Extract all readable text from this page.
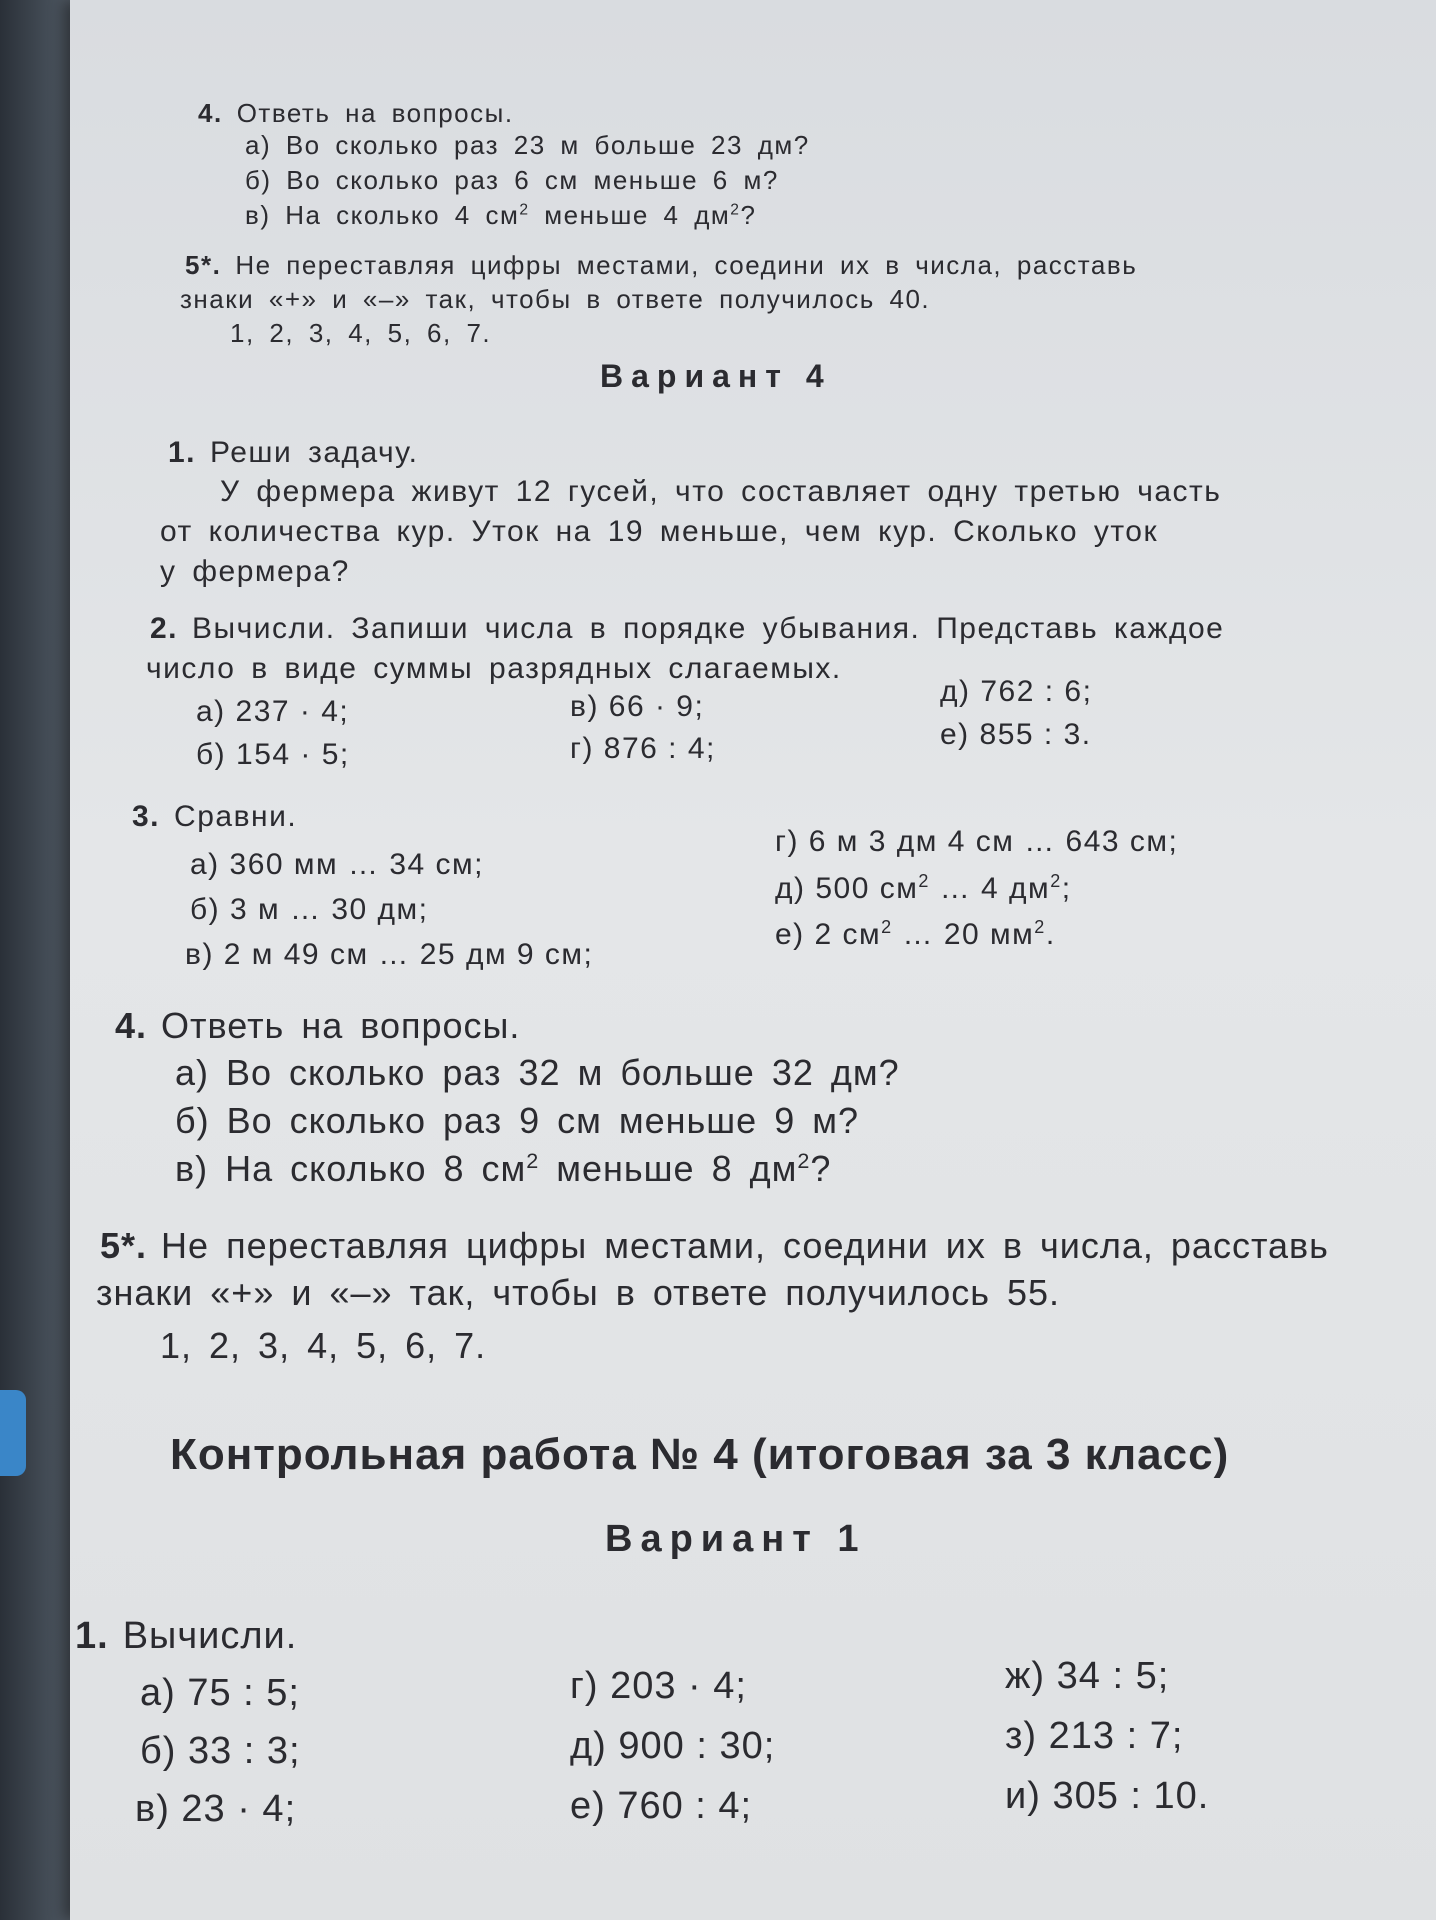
4. Ответь на вопросы.
а) Во сколько раз 23 м больше 23 дм?
б) Во сколько раз 6 см меньше 6 м?
в) На сколько 4 $см^2$ меньше 4 $дм^2$?
5*. Не переставляя цифры местами, соедини их в числа, расставь
знаки «+» и «–» так, чтобы в ответе получилось 40.
1, 2, 3, 4, 5, 6, 7.
Вариант 4
1. Реши задачу.
У фермера живут 12 гусей, что составляет одну третью часть
от количества кур. Уток на 19 меньше, чем кур. Сколько уток
у фермера?
2. Вычисли. Запиши числа в порядке убывания. Представь каждое
число в виде суммы разрядных слагаемых.
а) 237 · 4;
б) 154 · 5;
в) 66 · 9;
г) 876 : 4;
д) 762 : 6;
е) 855 : 3.
3. Сравни.
а) 360 мм … 34 см;
б) 3 м … 30 дм;
в) 2 м 49 см … 25 дм 9 см;
г) 6 м 3 дм 4 см … 643 см;
д) 500 $см^2$ … 4 $дм^2$;
е) 2 $см^2$ … 20 $мм^2$.
4. Ответь на вопросы.
а) Во сколько раз 32 м больше 32 дм?
б) Во сколько раз 9 см меньше 9 м?
в) На сколько 8 $см^2$ меньше 8 $дм^2$?
5*. Не переставляя цифры местами, соедини их в числа, расставь
знаки «+» и «–» так, чтобы в ответе получилось 55.
1, 2, 3, 4, 5, 6, 7.
Контрольная работа № 4 (итоговая за 3 класс)
Вариант 1
1. Вычисли.
а) 75 : 5;
б) 33 : 3;
в) 23 · 4;
г) 203 · 4;
д) 900 : 30;
е) 760 : 4;
ж) 34 : 5;
з) 213 : 7;
и) 305 : 10.
